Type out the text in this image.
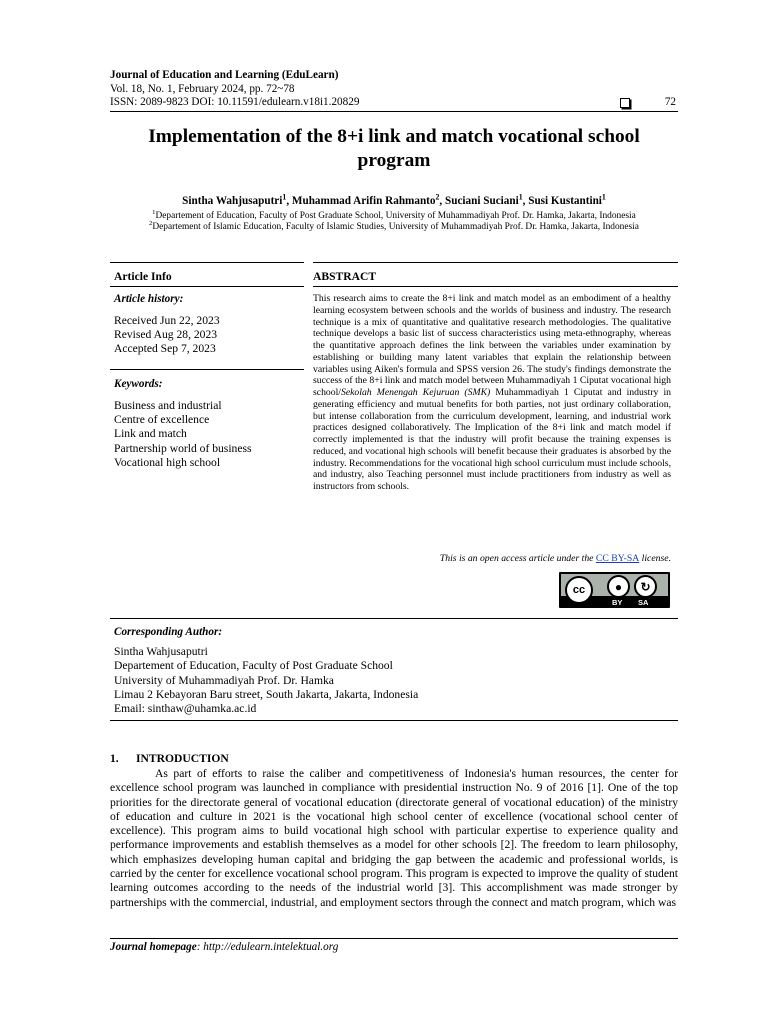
Journal of Education and Learning (EduLearn)
Vol. 18, No. 1, February 2024, pp. 72~78
ISSN: 2089-9823 DOI: 10.11591/edulearn.v18i1.20829	72
Implementation of the 8+i link and match vocational school program
Sintha Wahjusaputri$^1$, Muhammad Arifin Rahmanto$^2$, Suciani Suciani$^1$, Susi Kustantini$^1$
$^1$Departement of Education, Faculty of Post Graduate School, University of Muhammadiyah Prof. Dr. Hamka, Jakarta, Indonesia
$^2$Departement of Islamic Education, Faculty of Islamic Studies, University of Muhammadiyah Prof. Dr. Hamka, Jakarta, Indonesia
Article Info	ABSTRACT
Article history:
Received Jun 22, 2023
Revised Aug 28, 2023
Accepted Sep 7, 2023
Keywords:
Business and industrial
Centre of excellence
Link and match
Partnership world of business
Vocational high school
This research aims to create the 8+i link and match model as an embodiment of a healthy learning ecosystem between schools and the worlds of business and industry. The research technique is a mix of quantitative and qualitative research methodologies. The qualitative technique develops a basic list of success characteristics using meta-ethnography, whereas the quantitative approach defines the link between the variables under examination by establishing or building many latent variables that explain the relationship between variables using Aiken's formula and SPSS version 26. The study's findings demonstrate the success of the 8+i link and match model between Muhammadiyah 1 Ciputat vocational high school/Sekolah Menengah Kejuruan (SMK) Muhammadiyah 1 Ciputat and industry in generating efficiency and mutual benefits for both parties, not just ordinary collaboration, but intense collaboration from the curriculum development, learning, and industrial work practices designed collaboratively. The Implication of the 8+i link and match model if correctly implemented is that the industry will profit because the training expenses is reduced, and vocational high schools will benefit because their graduates is absorbed by the industry. Recommendations for the vocational high school curriculum must include schools, and industry, also Teaching personnel must include practitioners from industry as well as instructors from schools.
This is an open access article under the CC BY-SA license.
cc	●	↻
BY SA
Corresponding Author:
Sintha Wahjusaputri
Departement of Education, Faculty of Post Graduate School
University of Muhammadiyah Prof. Dr. Hamka
Limau 2 Kebayoran Baru street, South Jakarta, Jakarta, Indonesia
Email: sinthaw@uhamka.ac.id
1. INTRODUCTION
As part of efforts to raise the caliber and competitiveness of Indonesia's human resources, the center for excellence school program was launched in compliance with presidential instruction No. 9 of 2016 [1]. One of the top priorities for the directorate general of vocational education (directorate general of vocational education) of the ministry of education and culture in 2021 is the vocational high school center of excellence (vocational school center of excellence). This program aims to build vocational high school with particular expertise to experience quality and performance improvements and establish themselves as a model for other schools [2]. The freedom to learn philosophy, which emphasizes developing human capital and bridging the gap between the academic and professional worlds, is carried by the center for excellence vocational school program. This program is expected to improve the quality of student learning outcomes according to the needs of the industrial world [3]. This accomplishment was made stronger by partnerships with the commercial, industrial, and employment sectors through the connect and match program, which was
Journal homepage: http://edulearn.intelektual.org
